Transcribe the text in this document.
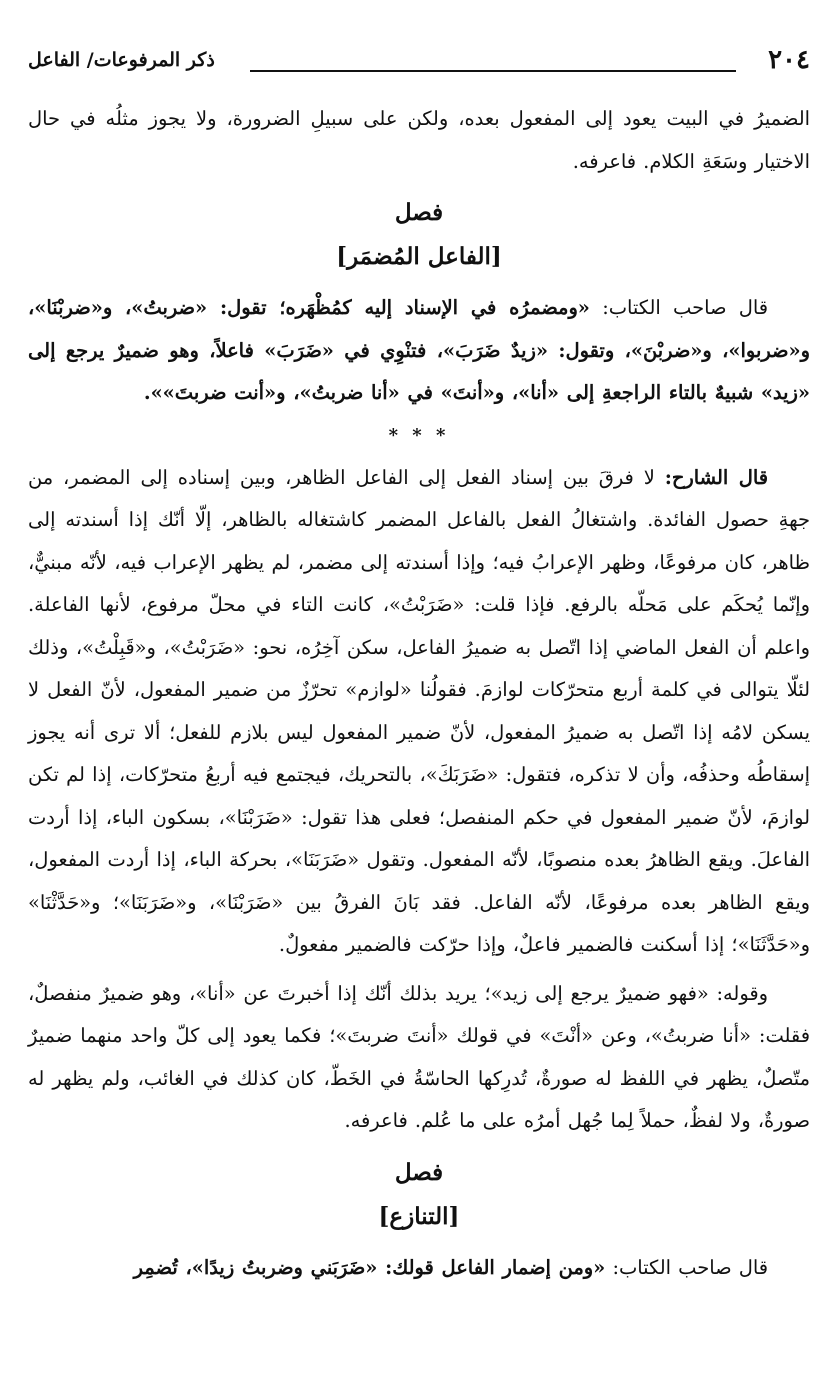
٢٠٤
ذكر المرفوعات/ الفاعل

الضميرُ في البيت يعود إلى المفعول بعده، ولكن على سبيلِ الضرورة، ولا يجوز مثلُه في حال الاختيار وسَعَةِ الكلام. فاعرفه.

فصل
[الفاعل المُضمَر]

قال صاحب الكتاب: «ومضمرُه في الإسناد إليه كمُظْهَره؛ تقول: «ضربتُ»، و«ضربْنَا»، و«ضربوا»، و«ضربْنَ»، وتقول: «زيدٌ ضَرَبَ»، فتنْوِي في «ضَرَبَ» فاعلاً، وهو ضميرٌ يرجع إلى «زيد» شبيهٌ بالتاء الراجعةِ إلى «أنا»، و«أنتَ» في «أنا ضربتُ»، و«أنت ضربتَ»».

* * *

قال الشارح: لا فرقَ بين إسناد الفعل إلى الفاعل الظاهر، وبين إسناده إلى المضمر، من جهةِ حصول الفائدة. واشتغالُ الفعل بالفاعل المضمر كاشتغاله بالظاهر، إلّا أنّك إذا أسندته إلى ظاهر، كان مرفوعًا، وظهر الإعرابُ فيه؛ وإذا أسندته إلى مضمر، لم يظهر الإعراب فيه، لأنّه مبنيٌّ، وإنّما يُحكَم على مَحلّه بالرفع. فإذا قلت: «ضَرَبْتُ»، كانت التاء في محلّ مرفوع، لأنها الفاعلة. واعلم أن الفعل الماضي إذا اتّصل به ضميرُ الفاعل، سكن آخِرُه، نحو: «ضَرَبْتُ»، و«قَبِلْتُ»، وذلك لئلّا يتوالى في كلمة أربع متحرّكات لوازمَ. فقولُنا «لوازم» تحرّزٌ من ضمير المفعول، لأنّ الفعل لا يسكن لامُه إذا اتّصل به ضميرُ المفعول، لأنّ ضمير المفعول ليس بلازم للفعل؛ ألا ترى أنه يجوز إسقاطُه وحذفُه، وأن لا تذكره، فتقول: «ضَرَبَكَ»، بالتحريك، فيجتمع فيه أربعُ متحرّكات، إذا لم تكن لوازمَ، لأنّ ضمير المفعول في حكم المنفصل؛ فعلى هذا تقول: «ضَرَبْنَا»، بسكون الباء، إذا أردت الفاعلَ. ويقع الظاهرُ بعده منصوبًا، لأنّه المفعول. وتقول «ضَرَبَنَا»، بحركة الباء، إذا أردت المفعول، ويقع الظاهر بعده مرفوعًا، لأنّه الفاعل. فقد بَانَ الفرقُ بين «ضَرَبْنَا»، و«ضَرَبَنَا»؛ و«حَدَّثْنَا» و«حَدَّثَنَا»؛ إذا أسكنت فالضمير فاعلٌ، وإذا حرّكت فالضمير مفعولٌ.

وقوله: «فهو ضميرٌ يرجع إلى زيد»؛ يريد بذلك أنّك إذا أخبرتَ عن «أنا»، وهو ضميرٌ منفصلٌ، فقلت: «أنا ضربتُ»، وعن «أنْتَ» في قولك «أنتَ ضربتَ»؛ فكما يعود إلى كلّ واحد منهما ضميرٌ متّصلٌ، يظهر في اللفظ له صورةٌ، تُدرِكها الحاسّةُ في الخَطّ، كان كذلك في الغائب، ولم يظهر له صورةٌ، ولا لفظٌ، حملاً لِما جُهل أمرُه على ما عُلم. فاعرفه.

فصل
[التنازع]

قال صاحب الكتاب: «ومن إضمار الفاعل قولك: «ضَرَبَني وضربتُ زيدًا»، تُضمِر
